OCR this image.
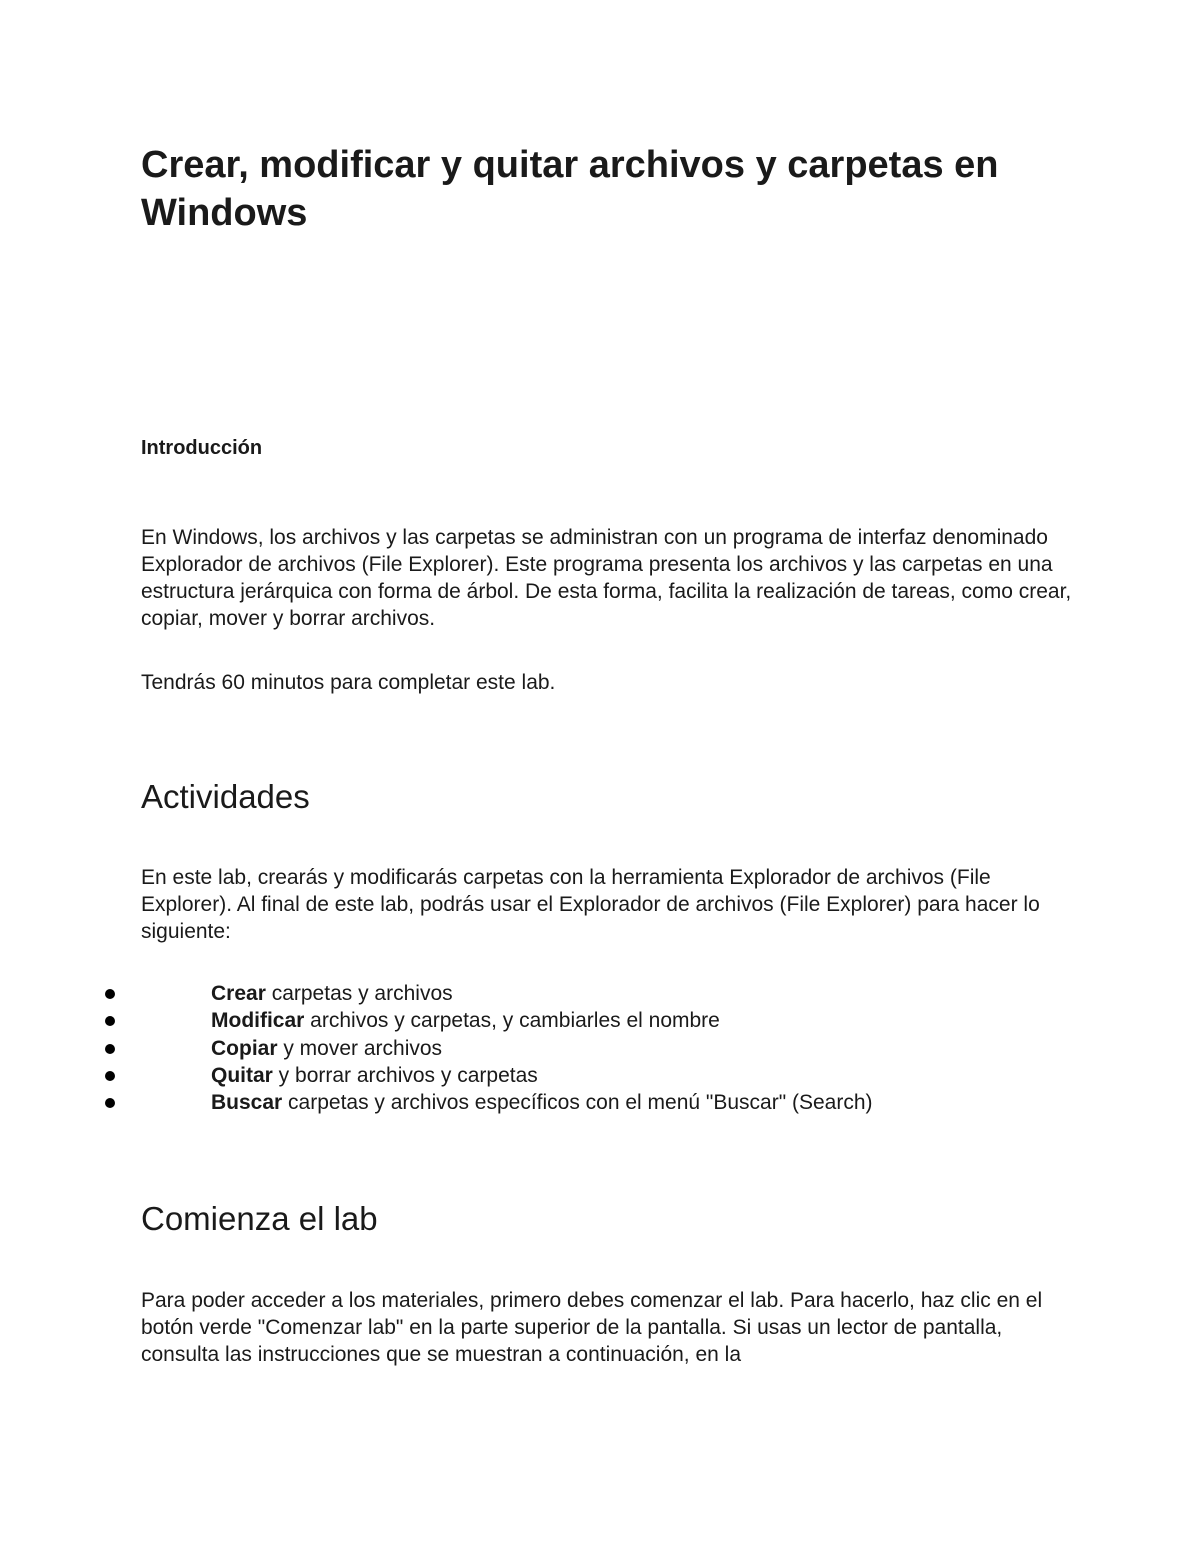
Crear, modificar y quitar archivos y carpetas en Windows
Introducción

En Windows, los archivos y las carpetas se administran con un programa de interfaz denominado Explorador de archivos (File Explorer). Este programa presenta los archivos y las carpetas en una estructura jerárquica con forma de árbol. De esta forma, facilita la realización de tareas, como crear, copiar, mover y borrar archivos.

Tendrás 60 minutos para completar este lab.

Actividades

En este lab, crearás y modificarás carpetas con la herramienta Explorador de archivos (File Explorer). Al final de este lab, podrás usar el Explorador de archivos (File Explorer) para hacer lo siguiente:

Crear carpetas y archivos
Modificar archivos y carpetas, y cambiarles el nombre
Copiar y mover archivos
Quitar y borrar archivos y carpetas
Buscar carpetas y archivos específicos con el menú "Buscar" (Search)
Comienza el lab

Para poder acceder a los materiales, primero debes comenzar el lab. Para hacerlo, haz clic en el botón verde "Comenzar lab" en la parte superior de la pantalla. Si usas un lector de pantalla, consulta las instrucciones que se muestran a continuación, en la
